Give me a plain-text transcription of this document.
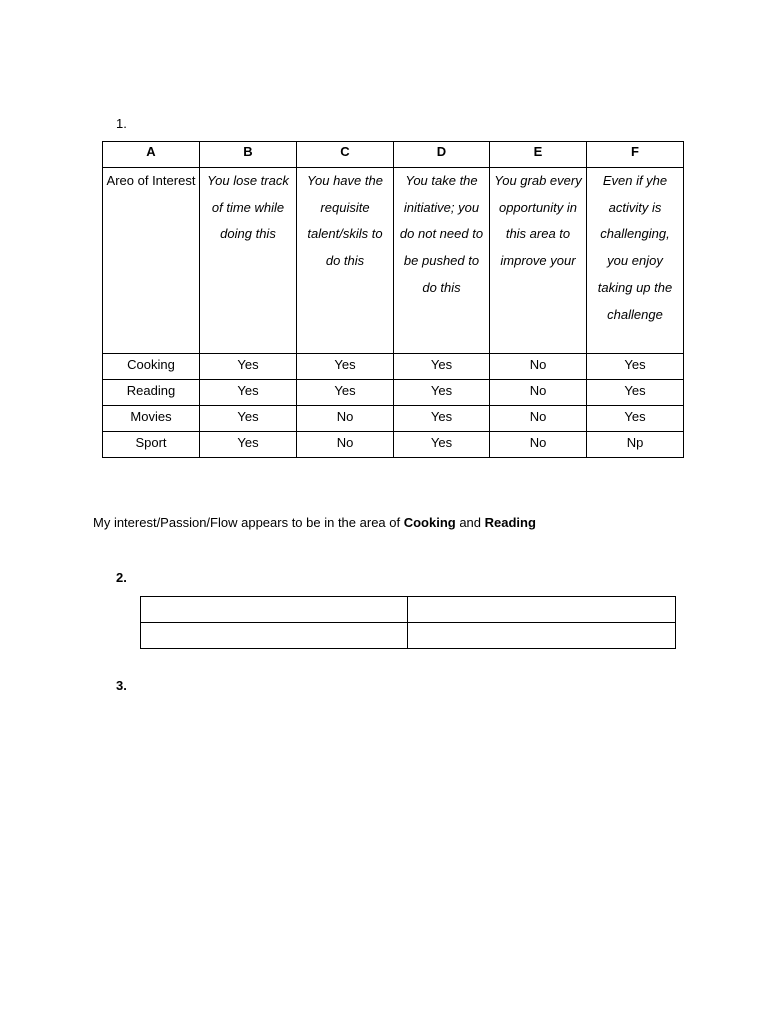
1.
A	B	C	D	E	F
Areo of Interest	You lose track of time while doing this	You have the requisite talent/skils to do this	You take the initiative; you do not need to be pushed to do this	You grab every opportunity in this area to improve your	Even if yhe activity is challenging, you enjoy taking up the challenge
Cooking	Yes	Yes	Yes	No	Yes
Reading	Yes	Yes	Yes	No	Yes
Movies	Yes	No	Yes	No	Yes
Sport	Yes	No	Yes	No	Np
My interest/Passion/Flow appears to be in the area of Cooking and Reading
2.

3.
